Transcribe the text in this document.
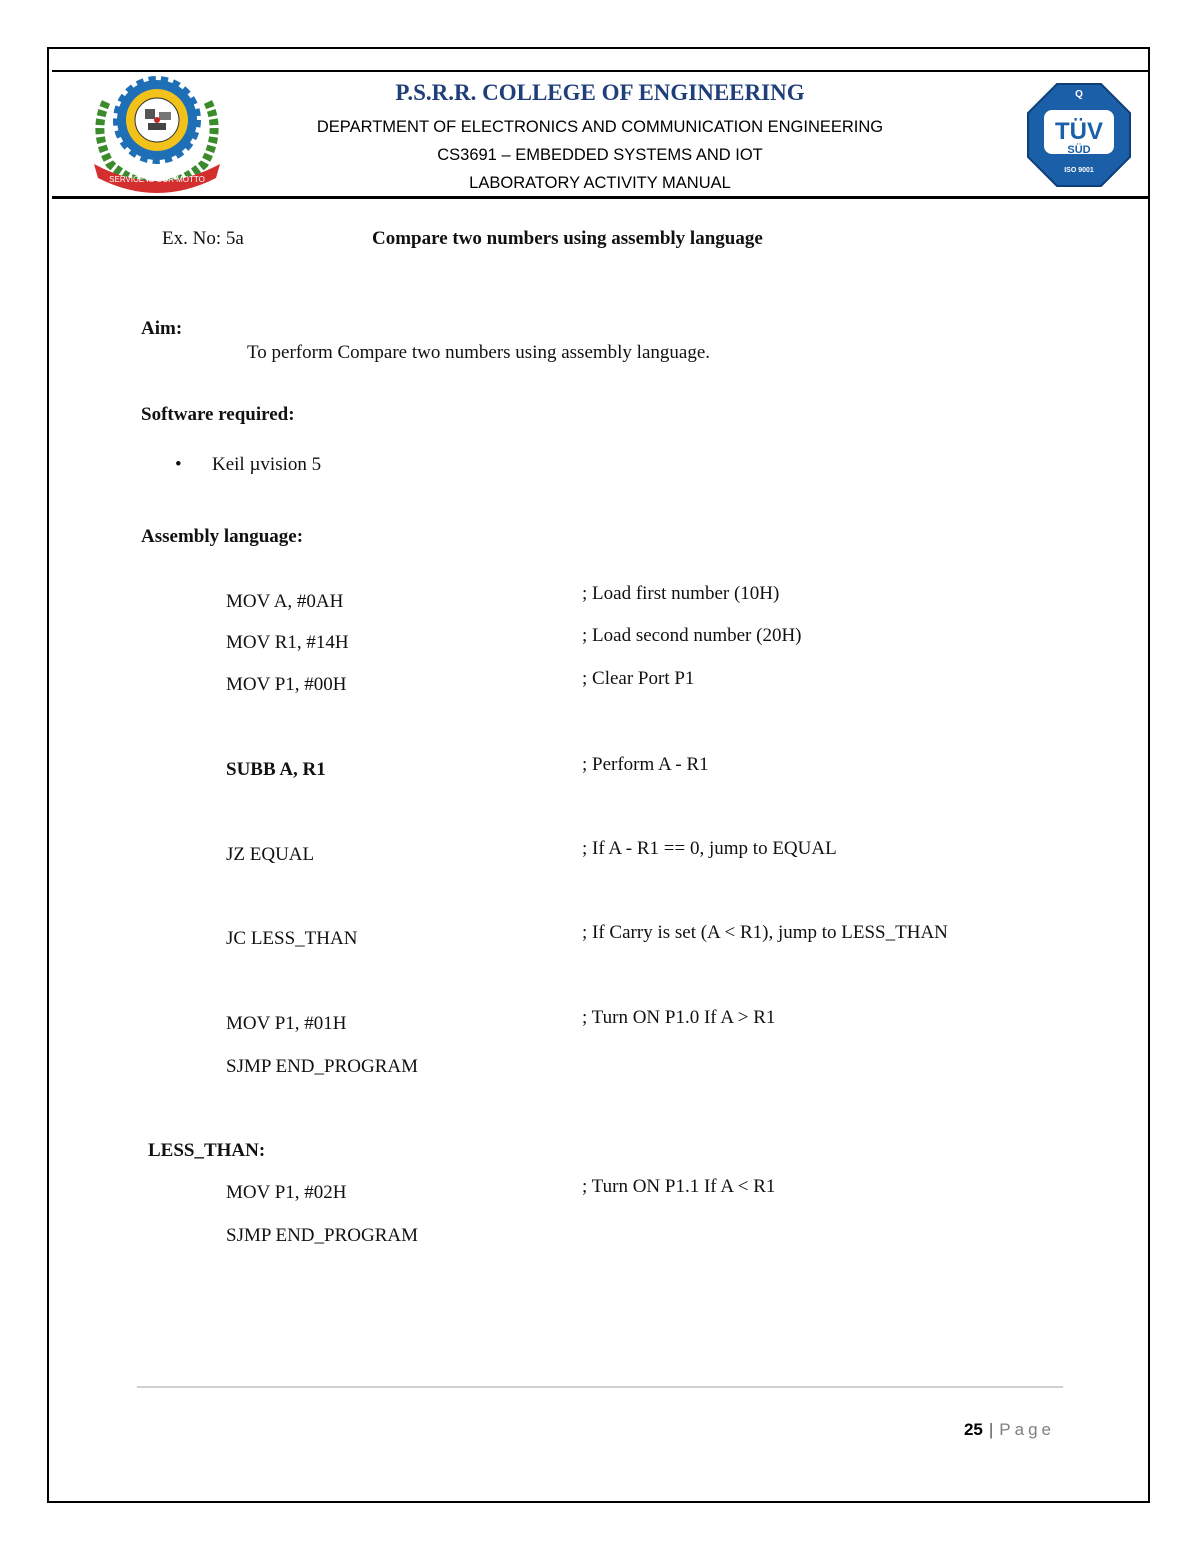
SERVICE IS OUR MOTTO
P.S.R.R. COLLEGE OF ENGINEERING
DEPARTMENT OF ELECTRONICS AND COMMUNICATION ENGINEERING
CS3691 – EMBEDDED SYSTEMS AND IOT
LABORATORY ACTIVITY MANUAL
Q
TÜV
SÜD
ISO 9001
Ex. No: 5a	Compare two numbers using assembly language
Aim:
To perform Compare two numbers using assembly language.
Software required:
• Keil µvision 5
Assembly language:
MOV A, #0AH	; Load first number (10H)
MOV R1, #14H	; Load second number (20H)
MOV P1, #00H	; Clear Port P1
SUBB A, R1	; Perform A - R1
JZ EQUAL	; If A - R1 == 0, jump to EQUAL
JC LESS_THAN	; If Carry is set (A < R1), jump to LESS_THAN
MOV P1, #01H	; Turn ON P1.0 If A > R1
SJMP END_PROGRAM
LESS_THAN:
MOV P1, #02H	; Turn ON P1.1 If A < R1
SJMP END_PROGRAM
25 | Page
